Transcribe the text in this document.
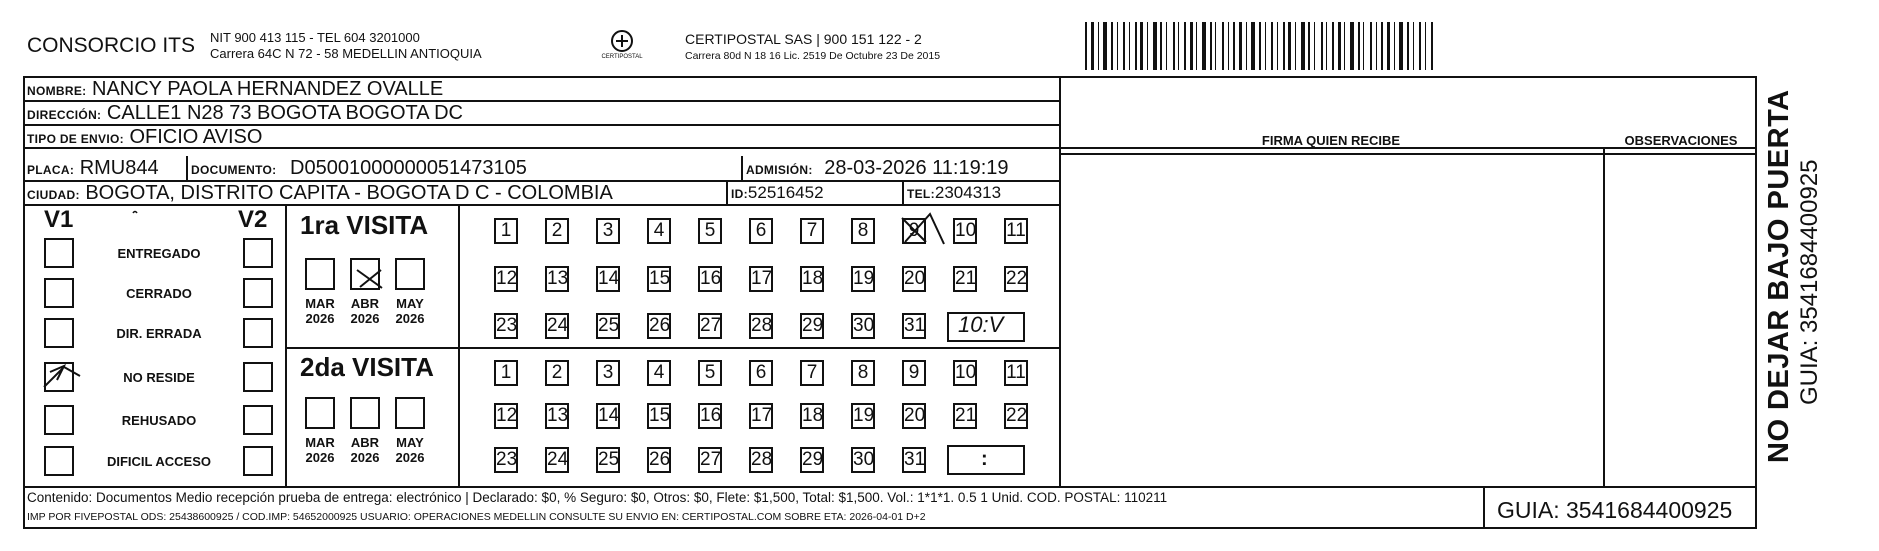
CONSORCIO ITS NIT 900 413 115 - TEL 604 3201000
Carrera 64C N 72 - 58 MEDELLIN ANTIOQUIA	CERTIPOSTAL
CERTIPOSTAL SAS | 900 151 122 - 2
Carrera 80d N 18 16 Lic. 2519 De Octubre 23 De 2015
NOMBRE: NANCY PAOLA HERNANDEZ OVALLE
DIRECCIÓN: CALLE1 N28 73 BOGOTA BOGOTA DC
TIPO DE ENVIO: OFICIO AVISO
PLACA: RMU844	DOCUMENTO: D05001000000051473105	ADMISIÓN: 28-03-2026 11:19:19
CIUDAD: BOGOTA, DISTRITO CAPITA - BOGOTA D C - COLOMBIA	ID:52516452	TEL:2304313
FIRMA QUIEN RECIBE	OBSERVACIONES
V1	V2
ENTREGADO
CERRADO
DIR. ERRADA
NO RESIDE
REHUSADO
DIFICIL ACCESO
1ra VISITA
2da VISITA
MAR
2026
ABR
2026
MAY
2026
MAR
2026
ABR
2026
MAY
2026
1	2	3	4	5	6	7	8	9	10 11
12 13 14 15 16 17 18 19 20 21 22
23 24 25 26 27 28 29 30 31
1	2	3	4	5	6	7	8	9	10 11
12 13 14 15 16 17 18 19 20 21 22
23 24 25 26 27 28 29 30 31
10:V
:
Contenido: Documentos Medio recepción prueba de entrega: electrónico | Declarado: $0, % Seguro: $0, Otros: $0, Flete: $1,500, Total: $1,500. Vol.: 1*1*1. 0.5 1 Unid. COD. POSTAL: 110211
IMP POR FIVEPOSTAL ODS: 25438600925 / COD.IMP: 54652000925 USUARIO: OPERACIONES MEDELLIN CONSULTE SU ENVIO EN: CERTIPOSTAL.COM SOBRE ETA: 2026-04-01 D+2	GUIA: 3541684400925
NO DEJAR BAJO PUERTA GUIA: 3541684400925
